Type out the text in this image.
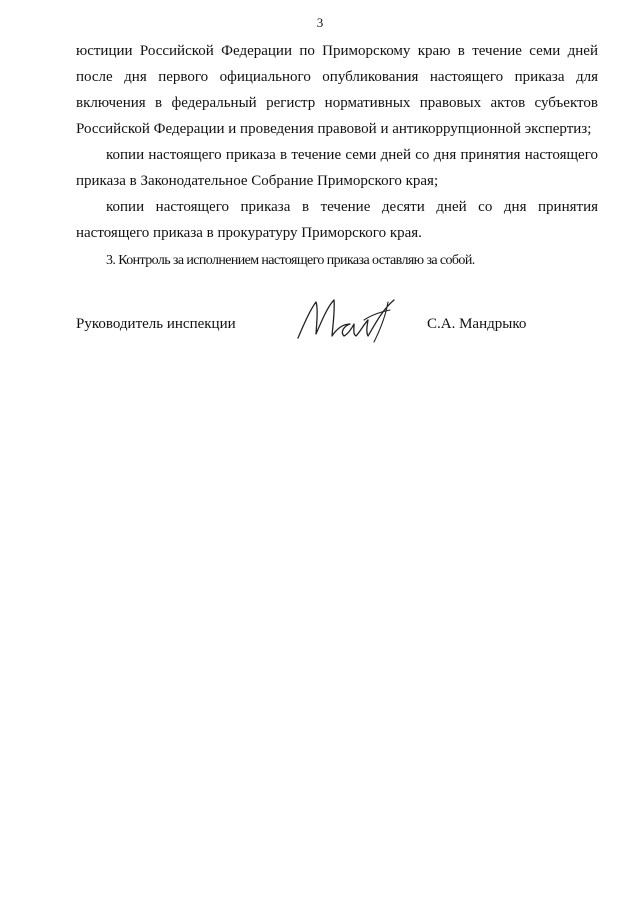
3

юстиции Российской Федерации по Приморскому краю в течение семи дней после дня первого официального опубликования настоящего приказа для включения в федеральный регистр нормативных правовых актов субъектов Российской Федерации и проведения правовой и антикоррупционной экспертиз;

копии настоящего приказа в течение семи дней со дня принятия настоящего приказа в Законодательное Собрание Приморского края;

копии настоящего приказа в течение десяти дней со дня принятия настоящего приказа в прокуратуру Приморского края.

3. Контроль за исполнением настоящего приказа оставляю за собой.

Руководитель инспекции	С.А. Мандрыко
